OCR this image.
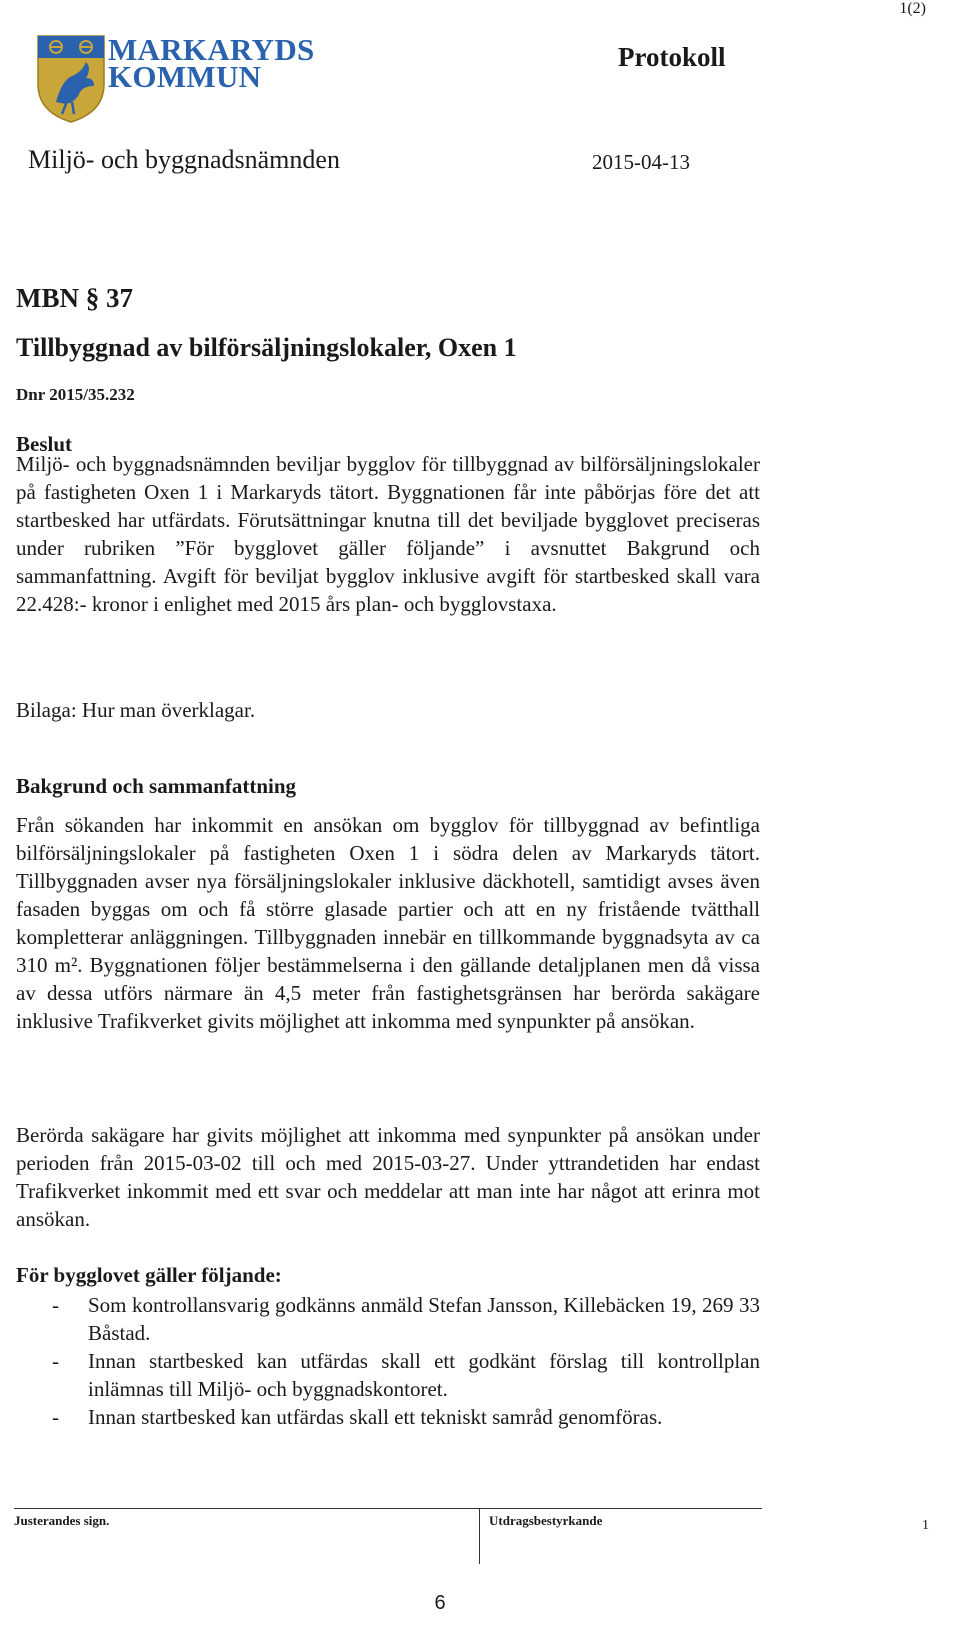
1(2)
MARKARYDS
KOMMUN
Protokoll
Miljö- och byggnadsnämnden	2015-04-13
MBN § 37
Tillbyggnad av bilförsäljningslokaler, Oxen 1
Dnr 2015/35.232
Beslut

Miljö- och byggnadsnämnden beviljar bygglov för tillbyggnad av bilförsäljningslokaler på fastigheten Oxen 1 i Markaryds tätort. Byggnationen får inte påbörjas före det att startbesked har utfärdats. Förutsättningar knutna till det beviljade bygglovet preciseras under rubriken ”För bygglovet gäller följande” i avsnuttet Bakgrund och sammanfattning. Avgift för beviljat bygglov inklusive avgift för startbesked skall vara 22.428:- kronor i enlighet med 2015 års plan- och bygglovstaxa.

Bilaga: Hur man överklagar.

Bakgrund och sammanfattning

Från sökanden har inkommit en ansökan om bygglov för tillbyggnad av befintliga bilförsäljningslokaler på fastigheten Oxen 1 i södra delen av Markaryds tätort. Tillbyggnaden avser nya försäljningslokaler inklusive däckhotell, samtidigt avses även fasaden byggas om och få större glasade partier och att en ny fristående tvätthall kompletterar anläggningen. Tillbyggnaden innebär en tillkommande byggnadsyta av ca 310 m². Byggnationen följer bestämmelserna i den gällande detaljplanen men då vissa av dessa utförs närmare än 4,5 meter från fastighetsgränsen har berörda sakägare inklusive Trafikverket givits möjlighet att inkomma med synpunkter på ansökan.

Berörda sakägare har givits möjlighet att inkomma med synpunkter på ansökan under perioden från 2015-03-02 till och med 2015-03-27. Under yttrandetiden har endast Trafikverket inkommit med ett svar och meddelar att man inte har något att erinra mot ansökan.

För bygglovet gäller följande:
- Som kontrollansvarig godkänns anmäld Stefan Jansson, Killebäcken 19, 269 33 Båstad.
- Innan startbesked kan utfärdas skall ett godkänt förslag till kontrollplan inlämnas till Miljö- och byggnadskontoret.
- Innan startbesked kan utfärdas skall ett tekniskt samråd genomföras.
Justerandes sign.	Utdragsbestyrkande	1
6
